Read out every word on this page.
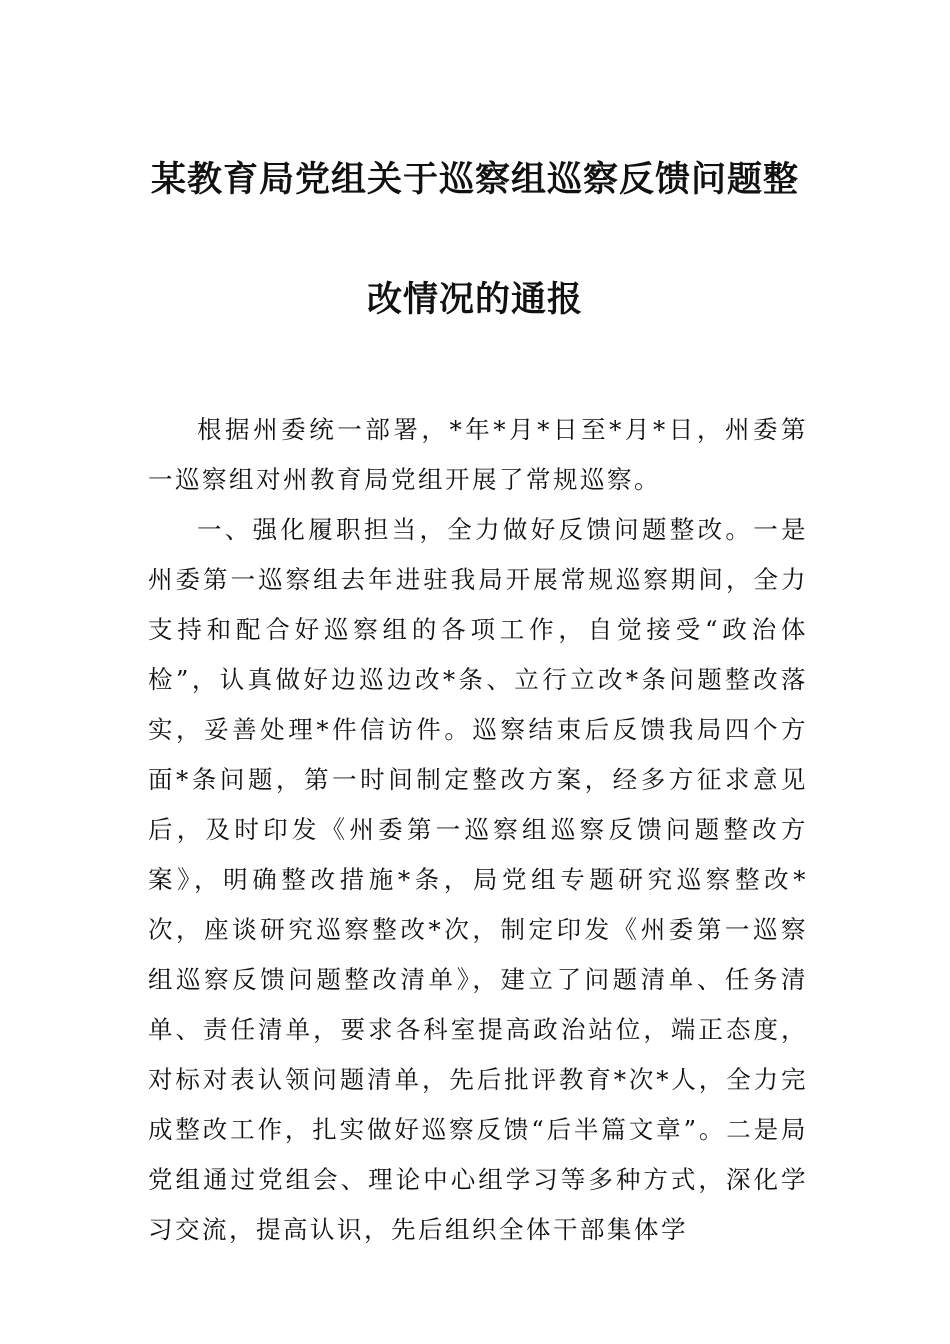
某教育局党组关于巡察组巡察反馈问题整
改情况的通报

根据州委统一部署，*年*月*日至*月*日，州委第一巡察组对州教育局党组开展了常规巡察。

一、强化履职担当，全力做好反馈问题整改。一是州委第一巡察组去年进驻我局开展常规巡察期间，全力支持和配合好巡察组的各项工作，自觉接受“政治体检”，认真做好边巡边改*条、立行立改*条问题整改落实，妥善处理*件信访件。巡察结束后反馈我局四个方面*条问题，第一时间制定整改方案，经多方征求意见后，及时印发《州委第一巡察组巡察反馈问题整改方案》，明确整改措施*条，局党组专题研究巡察整改*次，座谈研究巡察整改*次，制定印发《州委第一巡察组巡察反馈问题整改清单》，建立了问题清单、任务清单、责任清单，要求各科室提高政治站位，端正态度，对标对表认领问题清单，先后批评教育*次*人，全力完成整改工作，扎实做好巡察反馈“后半篇文章”。二是局党组通过党组会、理论中心组学习等多种方式，深化学习交流，提高认识，先后组织全体干部集体学
